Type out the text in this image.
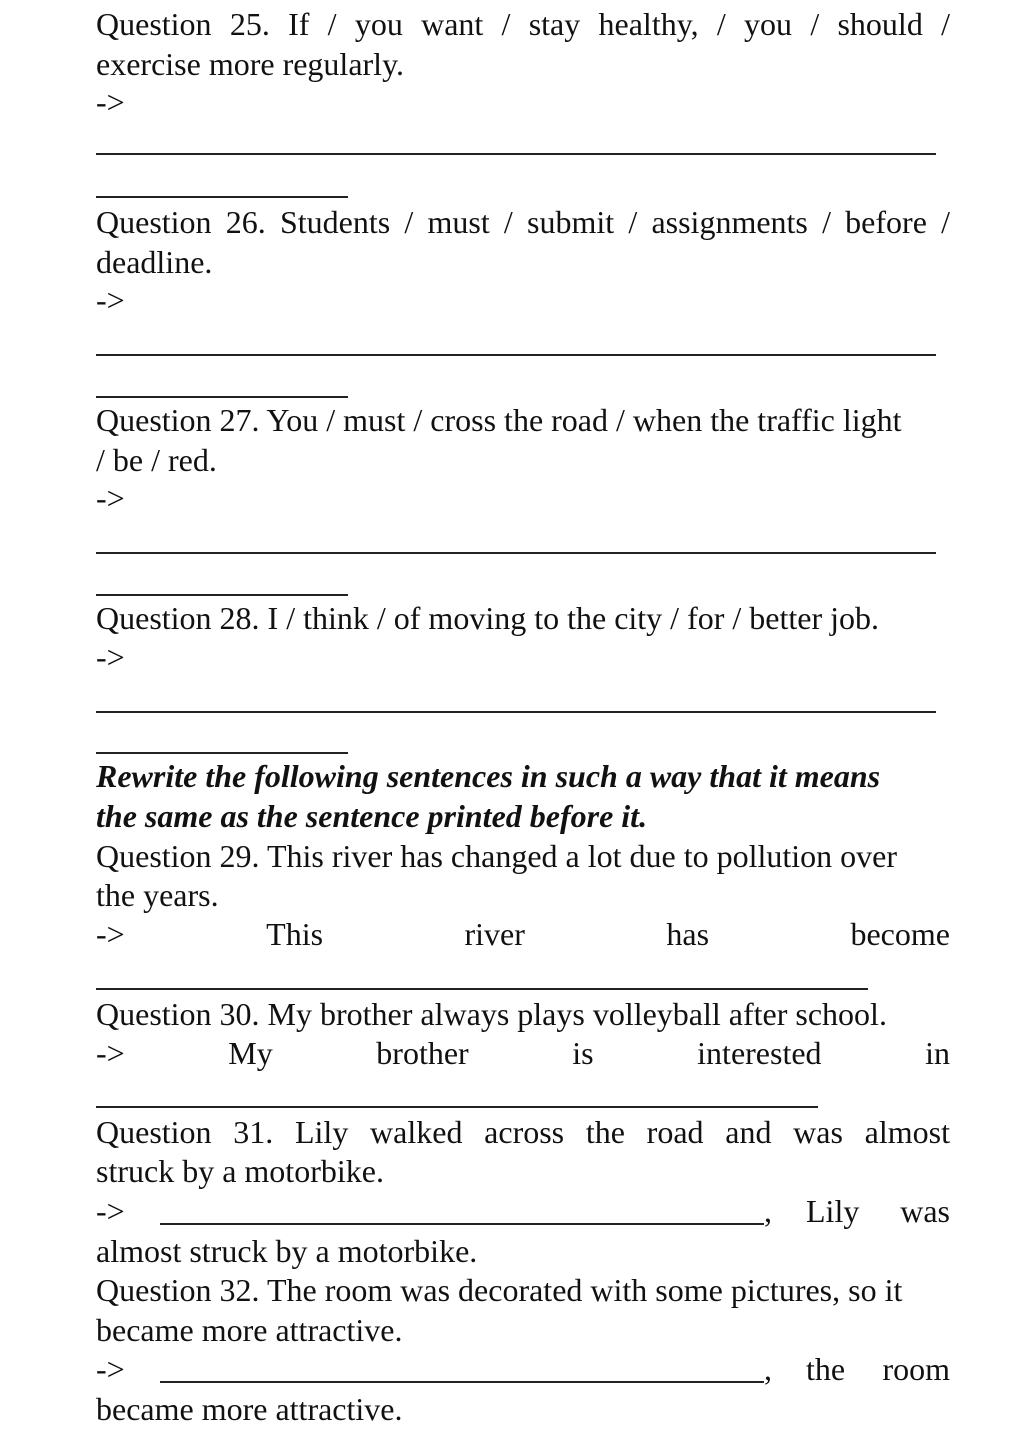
Question 25. If / you want / stay healthy, / you / should /
exercise more regularly.
->
Question 26. Students / must / submit / assignments / before /
deadline.
->
Question 27. You / must / cross the road / when the traffic light
/ be / red.
->
Question 28. I / think / of moving to the city / for / better job.
->
Rewrite the following sentences in such a way that it means
the same as the sentence printed before it.
Question 29. This river has changed a lot due to pollution over
the years.
->	This	river	has	become
Question 30. My brother always plays volleyball after school.
->	My	brother	is	interested	in
Question 31. Lily walked across the road and was almost
struck by a motorbike.
->	, Lily was
almost struck by a motorbike.
Question 32. The room was decorated with some pictures, so it
became more attractive.
->	, the room
became more attractive.
